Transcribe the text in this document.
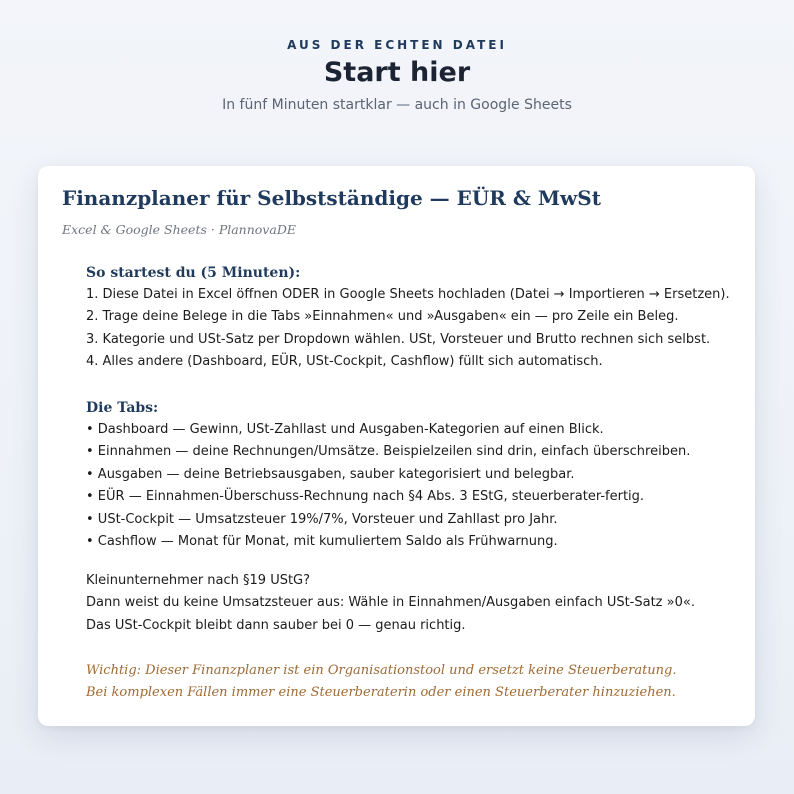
AUS DER ECHTEN DATEI
Start hier
In fünf Minuten startklar — auch in Google Sheets
Finanzplaner für Selbstständige — EÜR & MwSt
Excel & Google Sheets · PlannovaDE
So startest du (5 Minuten):
1. Diese Datei in Excel öffnen ODER in Google Sheets hochladen (Datei → Importieren → Ersetzen).
2. Trage deine Belege in die Tabs »Einnahmen« und »Ausgaben« ein — pro Zeile ein Beleg.
3. Kategorie und USt-Satz per Dropdown wählen. USt, Vorsteuer und Brutto rechnen sich selbst.
4. Alles andere (Dashboard, EÜR, USt-Cockpit, Cashflow) füllt sich automatisch.
Die Tabs:
• Dashboard — Gewinn, USt-Zahllast und Ausgaben-Kategorien auf einen Blick.
• Einnahmen — deine Rechnungen/Umsätze. Beispielzeilen sind drin, einfach überschreiben.
• Ausgaben — deine Betriebsausgaben, sauber kategorisiert und belegbar.
• EÜR — Einnahmen-Überschuss-Rechnung nach §4 Abs. 3 EStG, steuerberater-fertig.
• USt-Cockpit — Umsatzsteuer 19%/7%, Vorsteuer und Zahllast pro Jahr.
• Cashflow — Monat für Monat, mit kumuliertem Saldo als Frühwarnung.
Kleinunternehmer nach §19 UStG?
Dann weist du keine Umsatzsteuer aus: Wähle in Einnahmen/Ausgaben einfach USt-Satz »0«.
Das USt-Cockpit bleibt dann sauber bei 0 — genau richtig.
Wichtig: Dieser Finanzplaner ist ein Organisationstool und ersetzt keine Steuerberatung.
Bei komplexen Fällen immer eine Steuerberaterin oder einen Steuerberater hinzuziehen.
